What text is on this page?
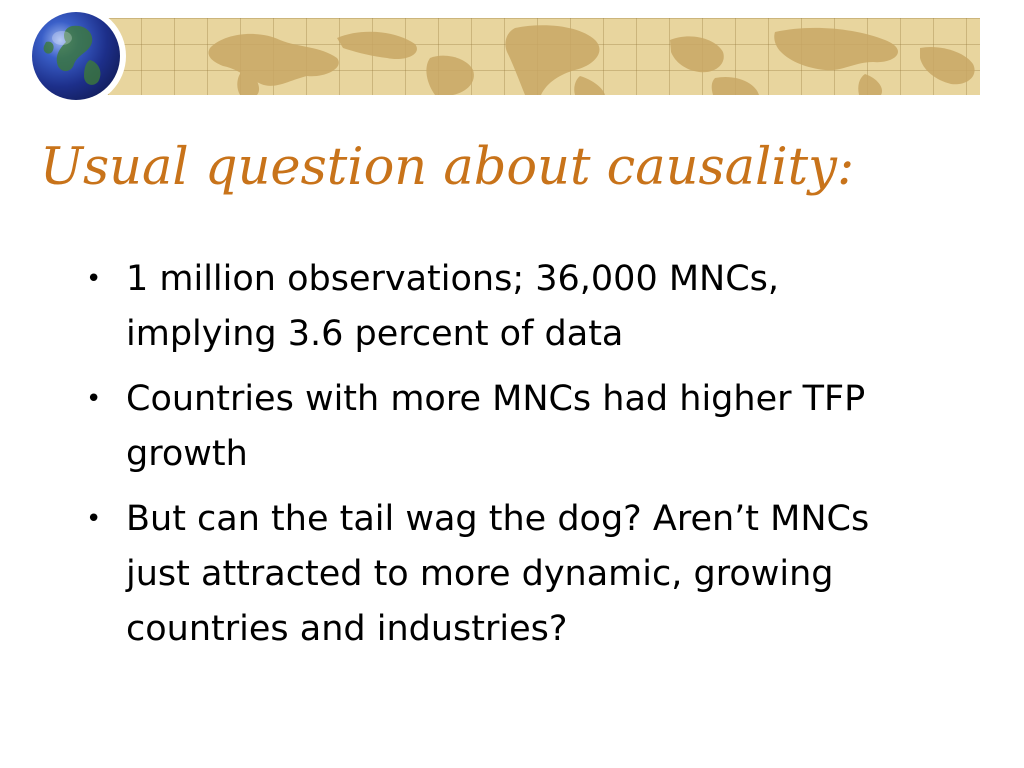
Usual question about causality:
• 1 million observations; 36,000 MNCs, implying 3.6 percent of data
• Countries with more MNCs had higher TFP growth
• But can the tail wag the dog? Aren’t MNCs just attracted to more dynamic, growing countries and industries?
